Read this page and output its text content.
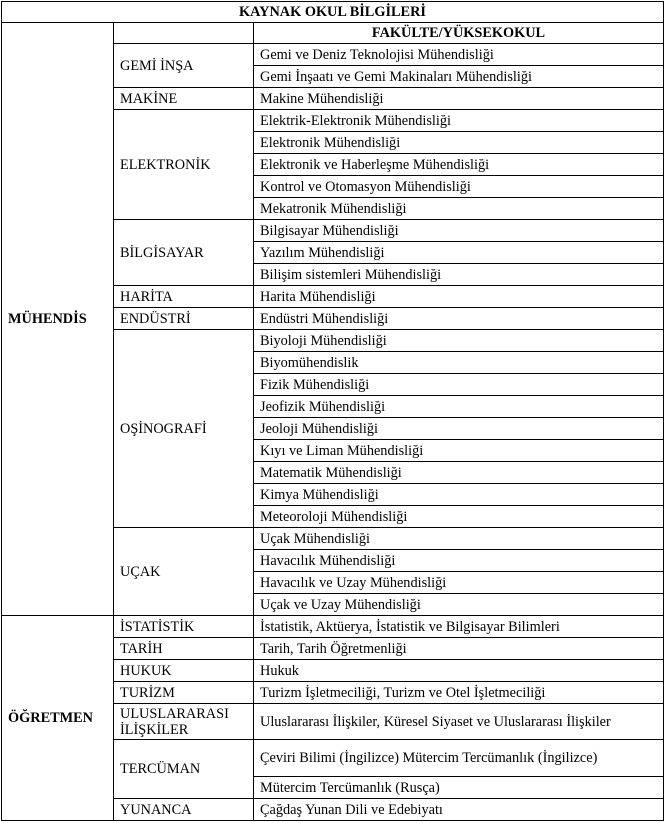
KAYNAK OKUL BİLGİLERİ		
MÜHENDİS		FAKÜLTE/YÜKSEKOKUL
	GEMİ İNŞA	Gemi ve Deniz Teknolojisi Mühendisliği
		Gemi İnşaatı ve Gemi Makinaları Mühendisliği
	MAKİNE	Makine Mühendisliği
	ELEKTRONİK	Elektrik-Elektronik Mühendisliği
		Elektronik Mühendisliği
		Elektronik ve Haberleşme Mühendisliği
		Kontrol ve Otomasyon Mühendisliği
		Mekatronik Mühendisliği
	BİLGİSAYAR	Bilgisayar Mühendisliği
		Yazılım Mühendisliği
		Bilişim sistemleri Mühendisliği
	HARİTA	Harita Mühendisliği
	ENDÜSTRİ	Endüstri Mühendisliği
	OŞİNOGRAFİ	Biyoloji Mühendisliği
		Biyomühendislik
		Fizik Mühendisliği
		Jeofizik Mühendisliği
		Jeoloji Mühendisliği
		Kıyı ve Liman Mühendisliği
		Matematik Mühendisliği
		Kimya Mühendisliği
		Meteoroloji Mühendisliği
	UÇAK	Uçak Mühendisliği
		Havacılık Mühendisliği
		Havacılık ve Uzay Mühendisliği
		Uçak ve Uzay Mühendisliği
ÖĞRETMEN	İSTATİSTİK	İstatistik, Aktüerya, İstatistik ve Bilgisayar Bilimleri
	TARİH	Tarih, Tarih Öğretmenliği
	HUKUK	Hukuk
	TURİZM	Turizm İşletmeciliği, Turizm ve Otel İşletmeciliği
	ULUSLARARASI İLİŞKİLER	Uluslararası İlişkiler, Küresel Siyaset ve Uluslararası İlişkiler
	TERCÜMAN	Çeviri Bilimi (İngilizce) Mütercim Tercümanlık (İngilizce)
		Mütercim Tercümanlık (Rusça)
	YUNANCA	Çağdaş Yunan Dili ve Edebiyatı
